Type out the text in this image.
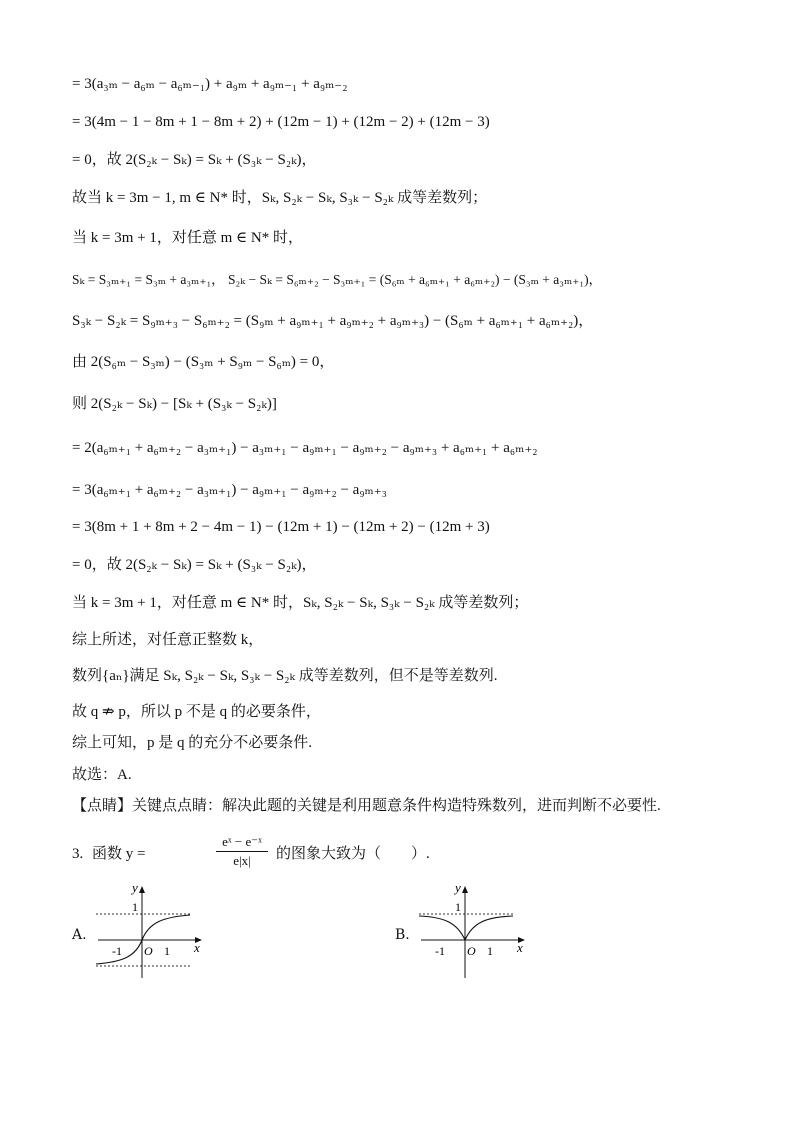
= 3(a₃ₘ − a₆ₘ − a₆ₘ₋₁) + a₉ₘ + a₉ₘ₋₁ + a₉ₘ₋₂
= 3(4m − 1 − 8m + 1 − 8m + 2) + (12m − 1) + (12m − 2) + (12m − 3)
= 0，故 2(S₂ₖ − Sₖ) = Sₖ + (S₃ₖ − S₂ₖ)，
故当 k = 3m − 1, m ∈ N* 时，Sₖ, S₂ₖ − Sₖ, S₃ₖ − S₂ₖ 成等差数列；
当 k = 3m + 1，对任意 m ∈ N* 时，
Sₖ = S₃ₘ₊₁ = S₃ₘ + a₃ₘ₊₁， S₂ₖ − Sₖ = S₆ₘ₊₂ − S₃ₘ₊₁ = (S₆ₘ + a₆ₘ₊₁ + a₆ₘ₊₂) − (S₃ₘ + a₃ₘ₊₁)，
S₃ₖ − S₂ₖ = S₉ₘ₊₃ − S₆ₘ₊₂ = (S₉ₘ + a₉ₘ₊₁ + a₉ₘ₊₂ + a₉ₘ₊₃) − (S₆ₘ + a₆ₘ₊₁ + a₆ₘ₊₂)，
由 2(S₆ₘ − S₃ₘ) − (S₃ₘ + S₉ₘ − S₆ₘ) = 0，
则 2(S₂ₖ − Sₖ) − [Sₖ + (S₃ₖ − S₂ₖ)]
= 2(a₆ₘ₊₁ + a₆ₘ₊₂ − a₃ₘ₊₁) − a₃ₘ₊₁ − a₉ₘ₊₁ − a₉ₘ₊₂ − a₉ₘ₊₃ + a₆ₘ₊₁ + a₆ₘ₊₂
= 3(a₆ₘ₊₁ + a₆ₘ₊₂ − a₃ₘ₊₁) − a₉ₘ₊₁ − a₉ₘ₊₂ − a₉ₘ₊₃
= 3(8m + 1 + 8m + 2 − 4m − 1) − (12m + 1) − (12m + 2) − (12m + 3)
= 0，故 2(S₂ₖ − Sₖ) = Sₖ + (S₃ₖ − S₂ₖ)，
当 k = 3m + 1，对任意 m ∈ N* 时，Sₖ, S₂ₖ − Sₖ, S₃ₖ − S₂ₖ 成等差数列；
综上所述，对任意正整数 k，
数列{aₙ}满足 Sₖ, S₂ₖ − Sₖ, S₃ₖ − S₂ₖ 成等差数列，但不是等差数列.
故 q ⇏ p，所以 p 不是 q 的必要条件，
综上可知，p 是 q 的充分不必要条件.
故选：A.
【点睛】关键点点睛：解决此题的关键是利用题意条件构造特殊数列，进而判断不必要性.
3. 函数 y =
eˣ − e⁻ˣ
e|x|	的图象大致为（　　）.
A.
y
1
-1 O 1 x
B.
y
1
-1 O 1 x
